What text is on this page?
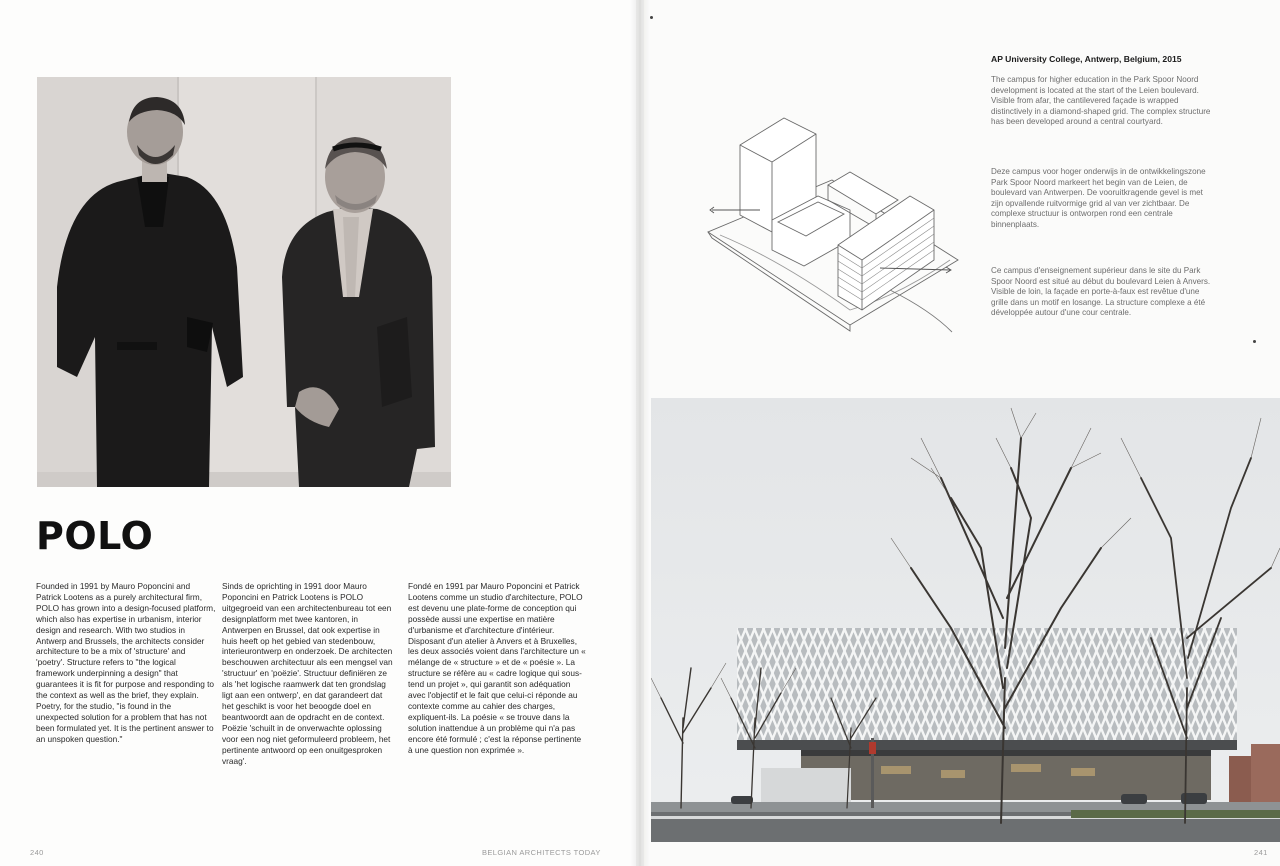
POLO

Founded in 1991 by Mauro Poponcini and Patrick Lootens as a purely architectural firm, POLO has grown into a design-focused platform, which also has expertise in urbanism, interior design and research. With two studios in Antwerp and Brussels, the architects consider architecture to be a mix of 'structure' and 'poetry'. Structure refers to "the logical framework underpinning a design" that guarantees it is fit for purpose and responding to the context as well as the brief, they explain. Poetry, for the studio, "is found in the unexpected solution for a problem that has not been formulated yet. It is the pertinent answer to an unspoken question."

Sinds de oprichting in 1991 door Mauro Poponcini en Patrick Lootens is POLO uitgegroeid van een architectenbureau tot een designplatform met twee kantoren, in Antwerpen en Brussel, dat ook expertise in huis heeft op het gebied van stedenbouw, interieurontwerp en onderzoek. De architecten beschouwen architectuur als een mengsel van 'structuur' en 'poëzie'. Structuur definiëren ze als 'het logische raamwerk dat ten grondslag ligt aan een ontwerp', en dat garandeert dat het geschikt is voor het beoogde doel en beantwoordt aan de opdracht en de context. Poëzie 'schuilt in de onverwachte oplossing voor een nog niet geformuleerd probleem, het pertinente antwoord op een onuitgesproken vraag'.

Fondé en 1991 par Mauro Poponcini et Patrick Lootens comme un studio d'architecture, POLO est devenu une plate-forme de conception qui possède aussi une expertise en matière d'urbanisme et d'architecture d'intérieur. Disposant d'un atelier à Anvers et à Bruxelles, les deux associés voient dans l'architecture un « mélange de « structure » et de « poésie ». La structure se réfère au « cadre logique qui sous-tend un projet », qui garantit son adéquation avec l'objectif et le fait que celui-ci réponde au contexte comme au cahier des charges, expliquent-ils. La poésie « se trouve dans la solution inattendue à un problème qui n'a pas encore été formulé ; c'est la réponse pertinente à une question non exprimée ».

240	BELGIAN ARCHITECTS TODAY
AP University College, Antwerp, Belgium, 2015

The campus for higher education in the Park Spoor Noord development is located at the start of the Leien boulevard. Visible from afar, the cantilevered façade is wrapped distinctively in a diamond-shaped grid. The complex structure has been developed around a central courtyard.

Deze campus voor hoger onderwijs in de ontwikkelingszone Park Spoor Noord markeert het begin van de Leien, de boulevard van Antwerpen. De vooruitkragende gevel is met zijn opvallende ruitvormige grid al van ver zichtbaar. De complexe structuur is ontworpen rond een centrale binnenplaats.

Ce campus d'enseignement supérieur dans le site du Park Spoor Noord est situé au début du boulevard Leien à Anvers. Visible de loin, la façade en porte-à-faux est revêtue d'une grille dans un motif en losange. La structure complexe a été développée autour d'une cour centrale.

241
